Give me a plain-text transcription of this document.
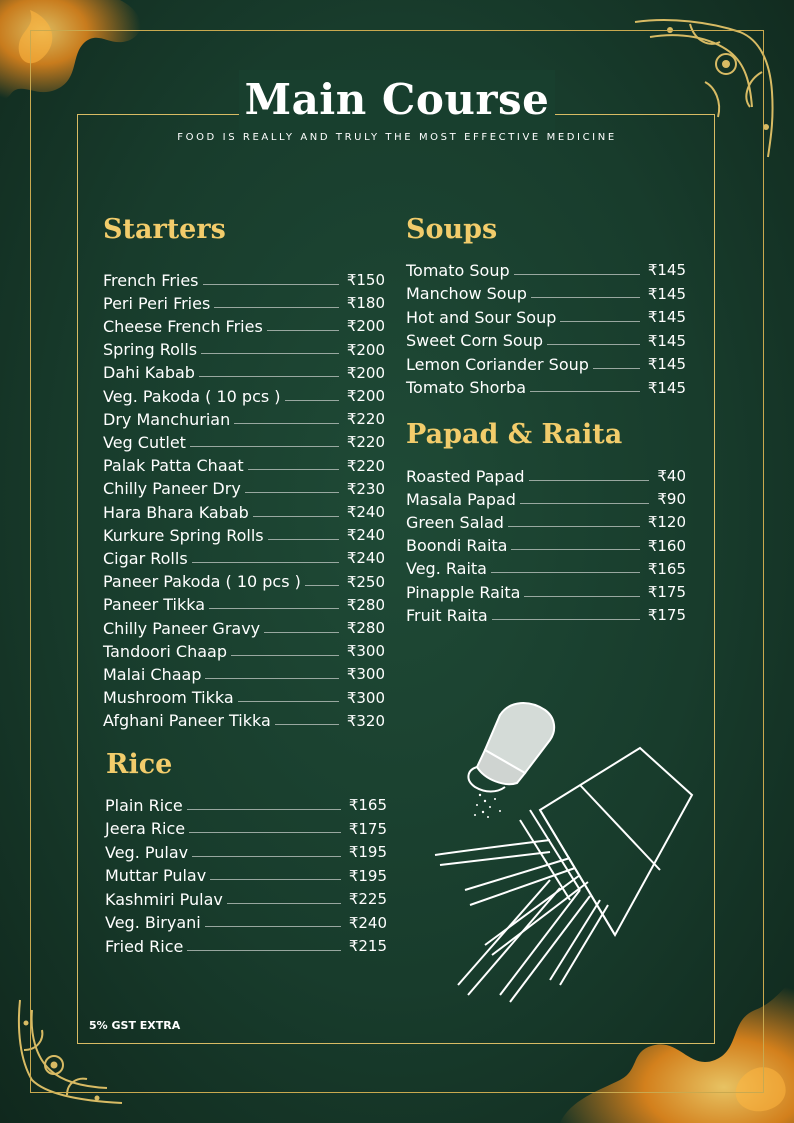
Main Course
FOOD IS REALLY AND TRULY THE MOST EFFECTIVE MEDICINE
Starters
Rice
Soups
Papad & Raita
French Fries	₹150
Peri Peri Fries	₹180
Cheese French Fries	₹200
Spring Rolls	₹200
Dahi Kabab	₹200
Veg. Pakoda ( 10 pcs )	₹200
Dry Manchurian	₹220
Veg Cutlet	₹220
Palak Patta Chaat	₹220
Chilly Paneer Dry	₹230
Hara Bhara Kabab	₹240
Kurkure Spring Rolls	₹240
Cigar Rolls	₹240
Paneer Pakoda ( 10 pcs )	₹250
Paneer Tikka	₹280
Chilly Paneer Gravy	₹280
Tandoori Chaap	₹300
Malai Chaap	₹300
Mushroom Tikka	₹300
Afghani Paneer Tikka	₹320
Plain Rice	₹165
Jeera Rice	₹175
Veg. Pulav	₹195
Muttar Pulav	₹195
Kashmiri Pulav	₹225
Veg. Biryani	₹240
Fried Rice	₹215
Tomato Soup	₹145
Manchow Soup	₹145
Hot and Sour Soup	₹145
Sweet Corn Soup	₹145
Lemon Coriander Soup	₹145
Tomato Shorba	₹145
Roasted Papad	₹40
Masala Papad	₹90
Green Salad	₹120
Boondi Raita	₹160
Veg. Raita	₹165
Pinapple Raita	₹175
Fruit Raita	₹175
5% GST EXTRA
